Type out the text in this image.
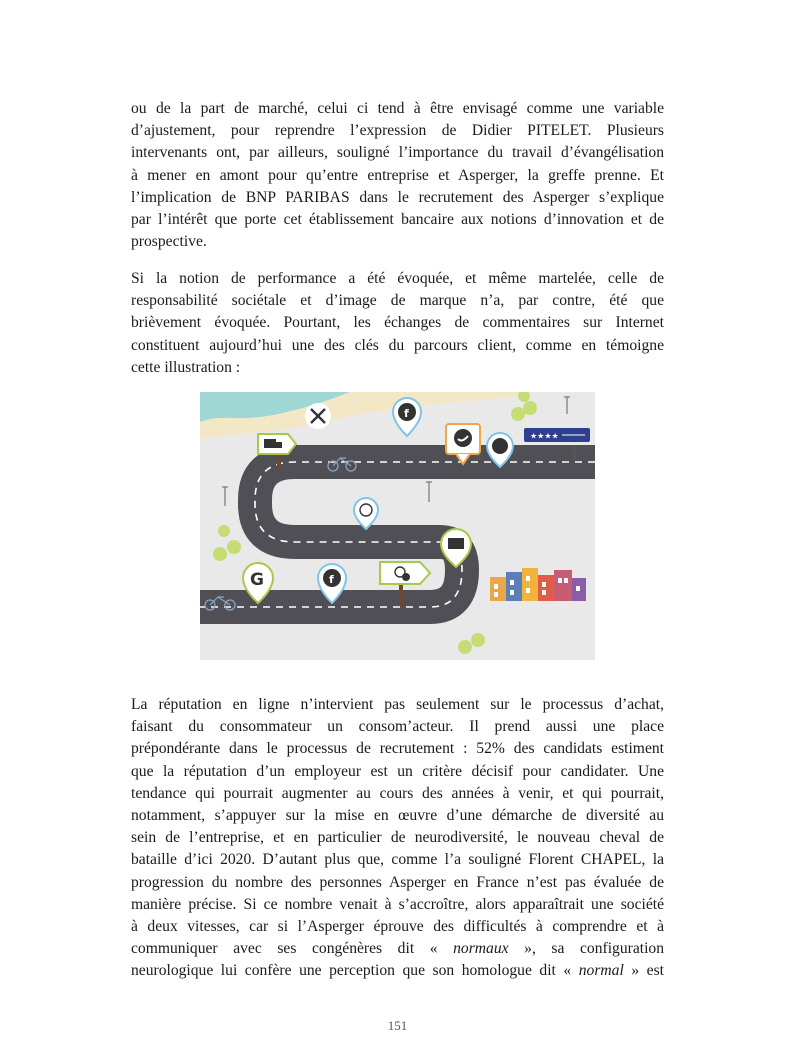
ou de la part de marché, celui ci tend à être envisagé comme une variable
d’ajustement, pour reprendre l’expression de Didier PITELET. Plusieurs
intervenants ont, par ailleurs, souligné l’importance du travail d’évangélisation
à mener en amont pour qu’entre entreprise et Asperger, la greffe prenne. Et
l’implication de BNP PARIBAS dans le recrutement des Asperger s’explique
par l’intérêt que porte cet établissement bancaire aux notions d’innovation et de
prospective.
Si la notion de performance a été évoquée, et même martelée, celle de
responsabilité sociétale et d’image de marque n’a, par contre, été que
brièvement évoquée. Pourtant, les échanges de commentaires sur Internet
constituent aujourd’hui une des clés du parcours client, comme en témoigne
cette illustration :
★★★★
f
G	f
La réputation en ligne n’intervient pas seulement sur le processus d’achat,
faisant du consommateur un consom’acteur. Il prend aussi une place
prépondérante dans le processus de recrutement : 52% des candidats estiment
que la réputation d’un employeur est un critère décisif pour candidater. Une
tendance qui pourrait augmenter au cours des années à venir, et qui pourrait,
notamment, s’appuyer sur la mise en œuvre d’une démarche de diversité au
sein de l’entreprise, et en particulier de neurodiversité, le nouveau cheval de
bataille d’ici 2020. D’autant plus que, comme l’a souligné Florent CHAPEL, la
progression du nombre des personnes Asperger en France n’est pas évaluée de
manière précise. Si ce nombre venait à s’accroître, alors apparaîtrait une société
à deux vitesses, car si l’Asperger éprouve des difficultés à comprendre et à
communiquer avec ses congénères dit « normaux », sa configuration
neurologique lui confère une perception que son homologue dit « normal » est
151
